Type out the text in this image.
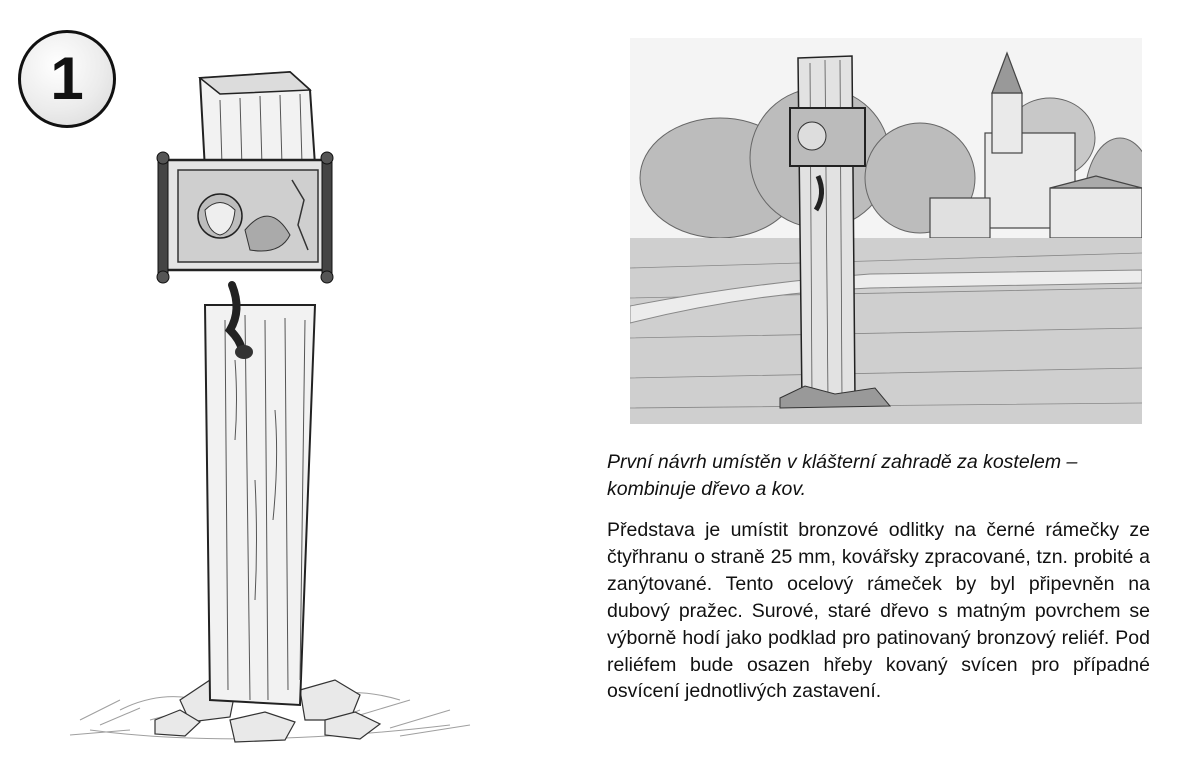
1
První návrh umístěn v klášterní zahradě za kostelem – kombinuje dřevo a kov.
Představa je umístit bronzové odlitky na černé rámečky ze čtyřhranu o straně 25 mm, kovářsky zpracované, tzn. probité a zanýtované. Tento ocelový rámeček by byl připevněn na dubový pražec. Surové, staré dřevo s matným povrchem se výborně hodí jako podklad pro patinovaný bronzový reliéf. Pod reliéfem bude osazen hřeby kovaný svícen pro případné osvícení jednotlivých zastavení.
